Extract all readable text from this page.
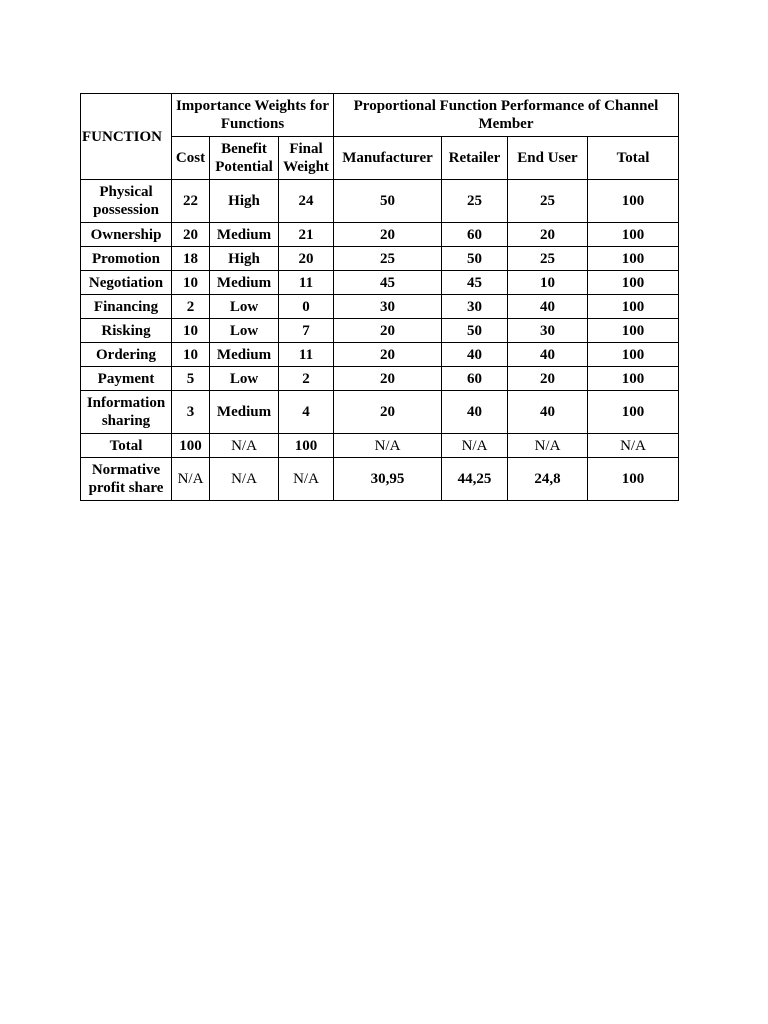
FUNCTION	Importance Weights for Functions			Proportional Function Performance of Channel Member			
	Cost	Benefit Potential	Final Weight	Manufacturer	Retailer	End User	Total
Physical possession	22	High	24	50	25	25	100
Ownership	20	Medium	21	20	60	20	100
Promotion	18	High	20	25	50	25	100
Negotiation	10	Medium	11	45	45	10	100
Financing	2	Low	0	30	30	40	100
Risking	10	Low	7	20	50	30	100
Ordering	10	Medium	11	20	40	40	100
Payment	5	Low	2	20	60	20	100
Information sharing	3	Medium	4	20	40	40	100
Total	100	N/A	100	N/A	N/A	N/A	N/A
Normative profit share	N/A	N/A	N/A	30,95	44,25	24,8	100
